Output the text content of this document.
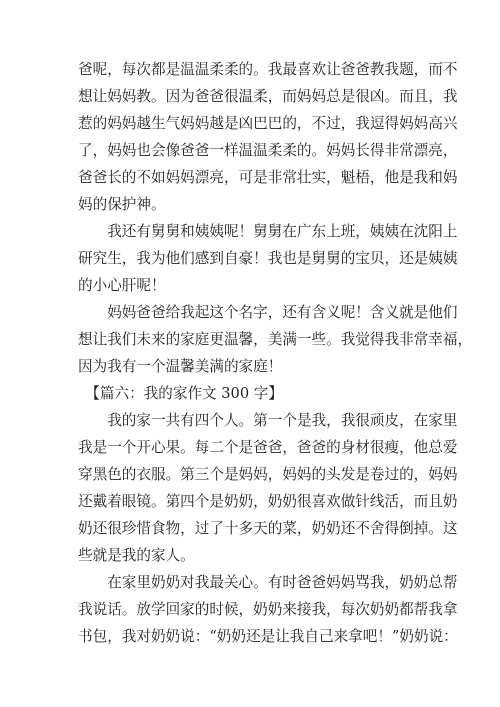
爸呢，每次都是温温柔柔的。我最喜欢让爸爸教我题，而不
想让妈妈教。因为爸爸很温柔，而妈妈总是很凶。而且，我
惹的妈妈越生气妈妈越是凶巴巴的，不过，我逗得妈妈高兴
了，妈妈也会像爸爸一样温温柔柔的。妈妈长得非常漂亮，
爸爸长的不如妈妈漂亮，可是非常壮实，魁梧，他是我和妈
妈的保护神。
　　我还有舅舅和姨姨呢！舅舅在广东上班，姨姨在沈阳上
研究生，我为他们感到自豪！我也是舅舅的宝贝，还是姨姨
的小心肝呢！
　　妈妈爸爸给我起这个名字，还有含义呢！含义就是他们
想让我们未来的家庭更温馨，美满一些。我觉得我非常幸福，
因为我有一个温馨美满的家庭！
　【篇六：我的家作文 300 字】
　　我的家一共有四个人。第一个是我，我很顽皮，在家里
我是一个开心果。每二个是爸爸，爸爸的身材很瘦，他总爱
穿黑色的衣服。第三个是妈妈，妈妈的头发是卷过的，妈妈
还戴着眼镜。第四个是奶奶，奶奶很喜欢做针线活，而且奶
奶还很珍惜食物，过了十多天的菜，奶奶还不舍得倒掉。这
些就是我的家人。
　　在家里奶奶对我最关心。有时爸爸妈妈骂我，奶奶总帮
我说话。放学回家的时候，奶奶来接我，每次奶奶都帮我拿
书包，我对奶奶说：“奶奶还是让我自己来拿吧！”奶奶说：
